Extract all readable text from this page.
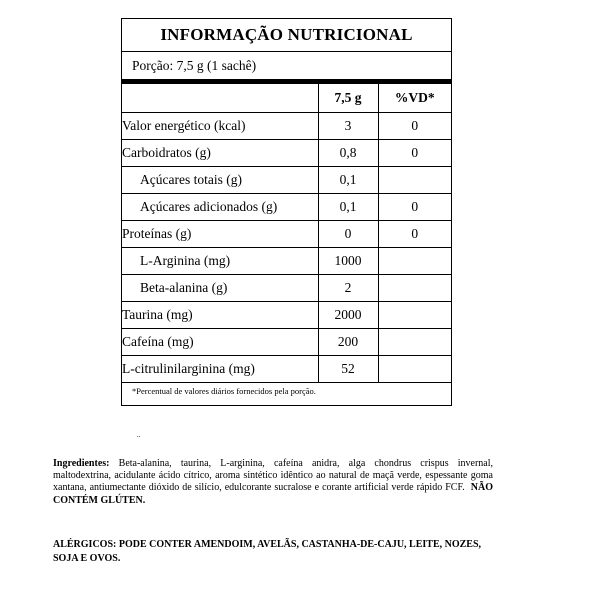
INFORMAÇÃO NUTRICIONAL
Porção: 7,5 g (1 sachê)
	7,5 g	%VD*
Valor energético (kcal)	3	0
Carboidratos (g)	0,8	0
Açúcares totais (g)	0,1	
Açúcares adicionados (g)	0,1	0
Proteínas (g)	0	0
L-Arginina (mg)	1000	
Beta-alanina (g)	2	
Taurina (mg)	2000	
Cafeína (mg)	200	
L-citrulinilarginina (mg)	52	
*Percentual de valores diários fornecidos pela porção.
¨
Ingredientes: Beta-alanina, taurina, L-arginina, cafeína anidra, alga chondrus crispus invernal, maltodextrina, acidulante ácido cítrico, aroma sintético idêntico ao natural de maçã verde, espessante goma xantana, antiumectante dióxido de silício, edulcorante sucralose e corante artificial verde rápido FCF. NÃO CONTÉM GLÚTEN.
ALÉRGICOS: PODE CONTER AMENDOIM, AVELÃS, CASTANHA-DE-CAJU, LEITE, NOZES, SOJA E OVOS.
